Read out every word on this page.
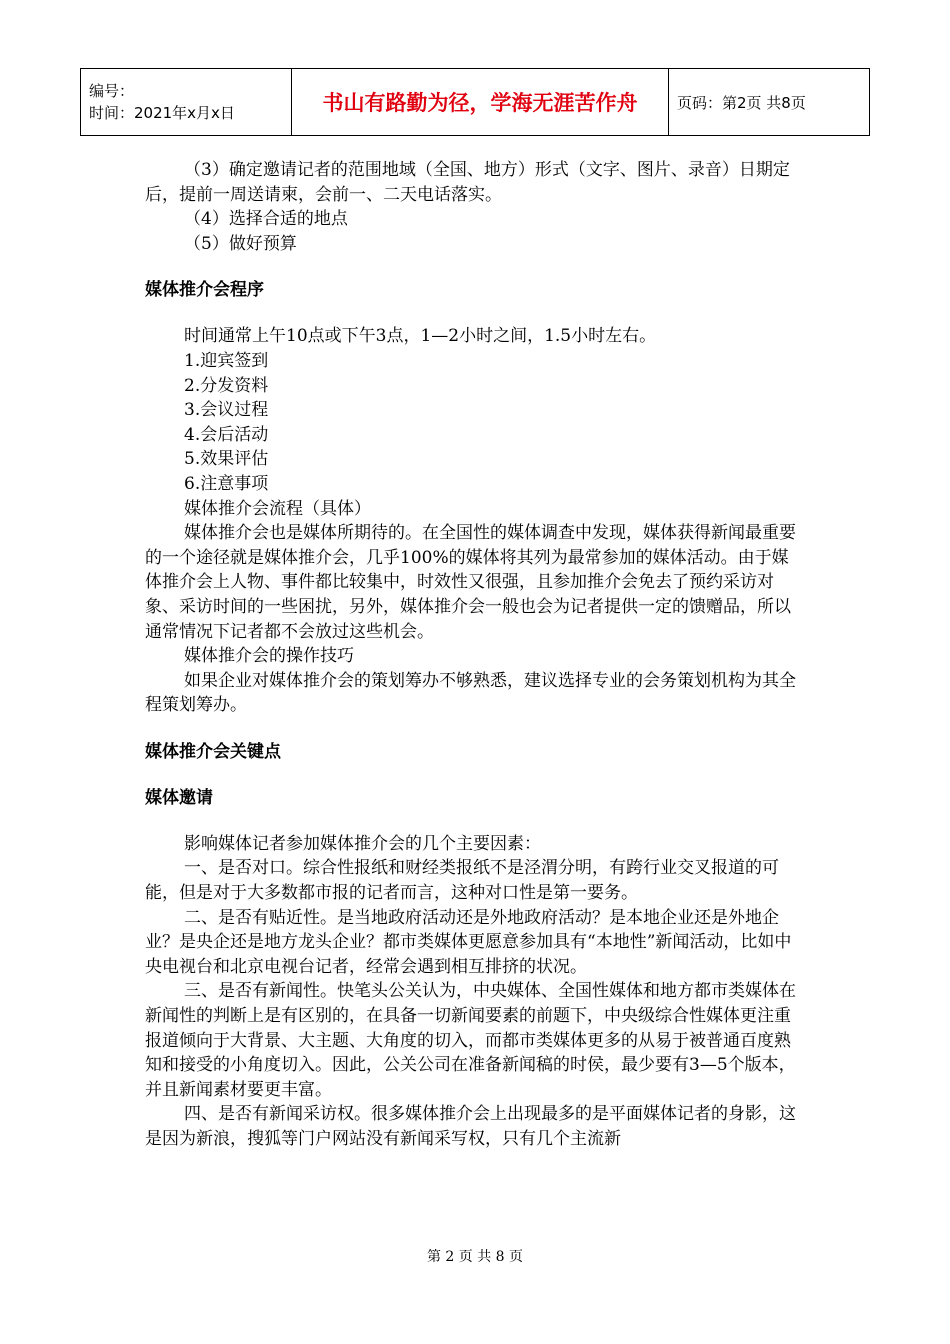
编号：
时间：2021年x月x日	书山有路勤为径，学海无涯苦作舟	页码：第2页 共8页

（3）确定邀请记者的范围地域（全国、地方）形式（文字、图片、录音）日期定后，提前一周送请柬，会前一、二天电话落实。

（4）选择合适的地点

（5）做好预算

媒体推介会程序

时间通常上午10点或下午3点，1—2小时之间，1.5小时左右。

1.迎宾签到

2.分发资料

3.会议过程

4.会后活动

5.效果评估

6.注意事项

媒体推介会流程（具体）

媒体推介会也是媒体所期待的。在全国性的媒体调查中发现，媒体获得新闻最重要的一个途径就是媒体推介会，几乎100%的媒体将其列为最常参加的媒体活动。由于媒体推介会上人物、事件都比较集中，时效性又很强，且参加推介会免去了预约采访对象、采访时间的一些困扰，另外，媒体推介会一般也会为记者提供一定的馈赠品，所以通常情况下记者都不会放过这些机会。

媒体推介会的操作技巧

如果企业对媒体推介会的策划筹办不够熟悉，建议选择专业的会务策划机构为其全程策划筹办。

媒体推介会关键点

媒体邀请

影响媒体记者参加媒体推介会的几个主要因素：

一、是否对口。综合性报纸和财经类报纸不是泾渭分明，有跨行业交叉报道的可能，但是对于大多数都市报的记者而言，这种对口性是第一要务。

二、是否有贴近性。是当地政府活动还是外地政府活动？是本地企业还是外地企业？是央企还是地方龙头企业？都市类媒体更愿意参加具有“本地性”新闻活动，比如中央电视台和北京电视台记者，经常会遇到相互排挤的状况。

三、是否有新闻性。快笔头公关认为，中央媒体、全国性媒体和地方都市类媒体在新闻性的判断上是有区别的，在具备一切新闻要素的前题下，中央级综合性媒体更注重报道倾向于大背景、大主题、大角度的切入，而都市类媒体更多的从易于被普通百度熟知和接受的小角度切入。因此，公关公司在准备新闻稿的时侯，最少要有3—5个版本，并且新闻素材要更丰富。

四、是否有新闻采访权。很多媒体推介会上出现最多的是平面媒体记者的身影，这是因为新浪，搜狐等门户网站没有新闻采写权，只有几个主流新

第 2 页 共 8 页
